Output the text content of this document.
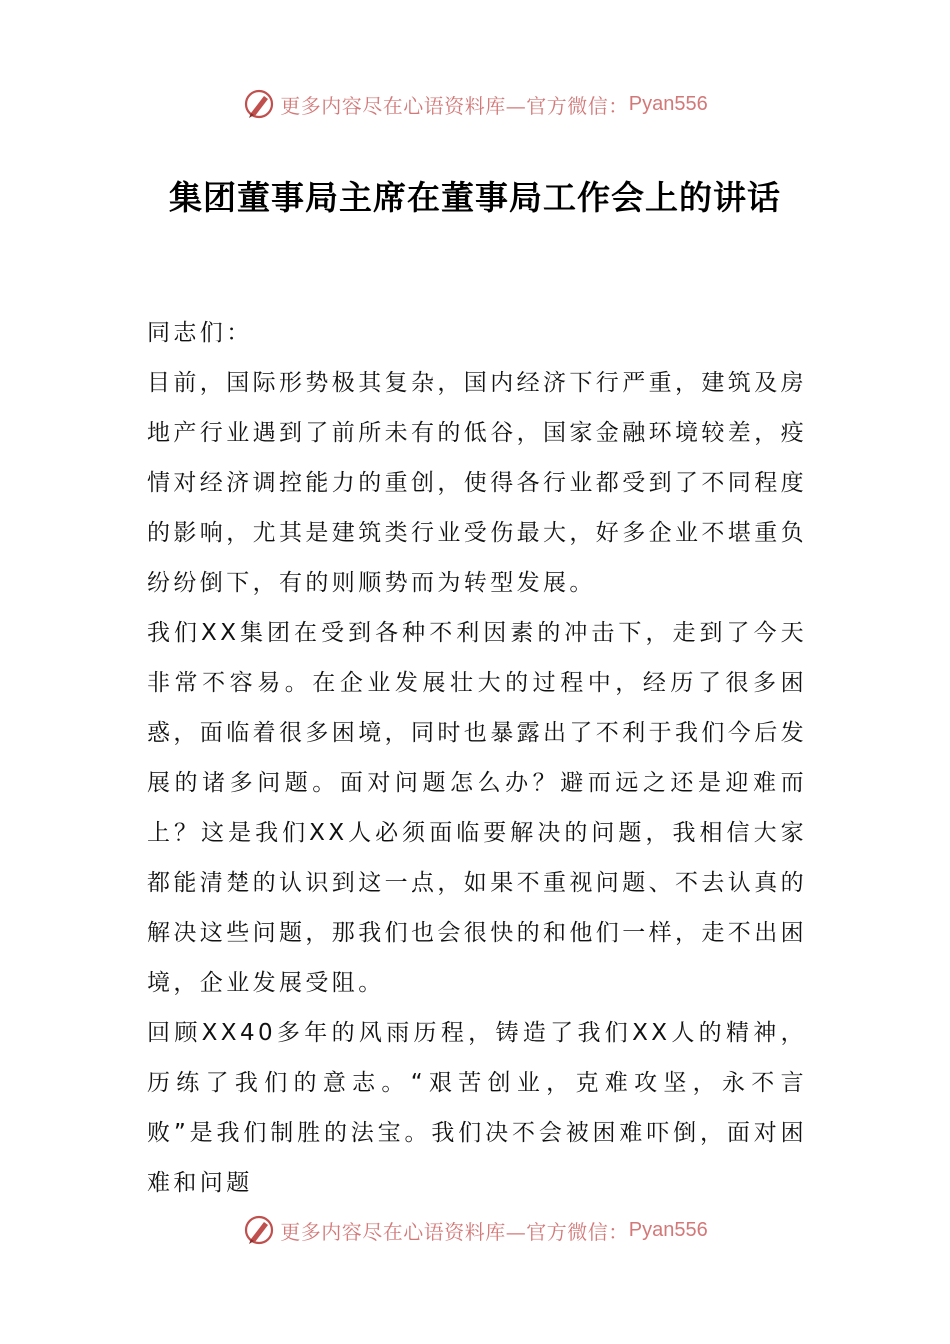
更多内容尽在心语资料库—官方微信： Pyan556
集团董事局主席在董事局工作会上的讲话

同志们：

目前，国际形势极其复杂，国内经济下行严重，建筑及房地产行业遇到了前所未有的低谷，国家金融环境较差，疫情对经济调控能力的重创，使得各行业都受到了不同程度的影响，尤其是建筑类行业受伤最大，好多企业不堪重负纷纷倒下，有的则顺势而为转型发展。

我们XX集团在受到各种不利因素的冲击下，走到了今天非常不容易。在企业发展壮大的过程中，经历了很多困惑，面临着很多困境，同时也暴露出了不利于我们今后发展的诸多问题。面对问题怎么办？避而远之还是迎难而上？这是我们XX人必须面临要解决的问题，我相信大家都能清楚的认识到这一点，如果不重视问题、不去认真的解决这些问题，那我们也会很快的和他们一样，走不出困境，企业发展受阻。

回顾XX40多年的风雨历程，铸造了我们XX人的精神，历练了我们的意志。“艰苦创业，克难攻坚，永不言败”是我们制胜的法宝。我们决不会被困难吓倒，面对困难和问题

更多内容尽在心语资料库—官方微信： Pyan556
